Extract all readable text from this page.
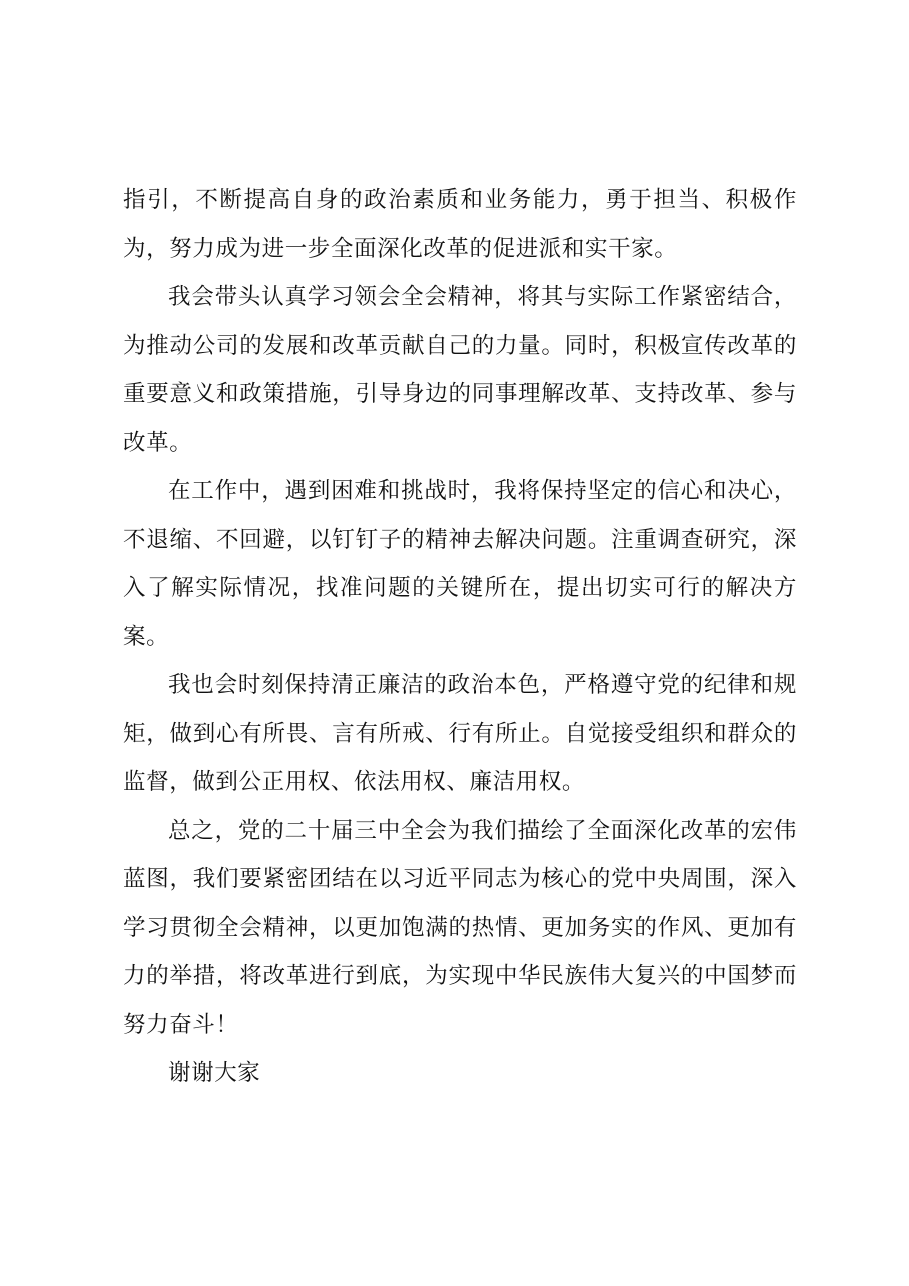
指引，不断提高自身的政治素质和业务能力，勇于担当、积极作为，努力成为进一步全面深化改革的促进派和实干家。

我会带头认真学习领会全会精神，将其与实际工作紧密结合，为推动公司的发展和改革贡献自己的力量。同时，积极宣传改革的重要意义和政策措施，引导身边的同事理解改革、支持改革、参与改革。

在工作中，遇到困难和挑战时，我将保持坚定的信心和决心，不退缩、不回避，以钉钉子的精神去解决问题。注重调查研究，深入了解实际情况，找准问题的关键所在，提出切实可行的解决方案。

我也会时刻保持清正廉洁的政治本色，严格遵守党的纪律和规矩，做到心有所畏、言有所戒、行有所止。自觉接受组织和群众的监督，做到公正用权、依法用权、廉洁用权。

总之，党的二十届三中全会为我们描绘了全面深化改革的宏伟蓝图，我们要紧密团结在以习近平同志为核心的党中央周围，深入学习贯彻全会精神，以更加饱满的热情、更加务实的作风、更加有力的举措，将改革进行到底，为实现中华民族伟大复兴的中国梦而努力奋斗！

谢谢大家
